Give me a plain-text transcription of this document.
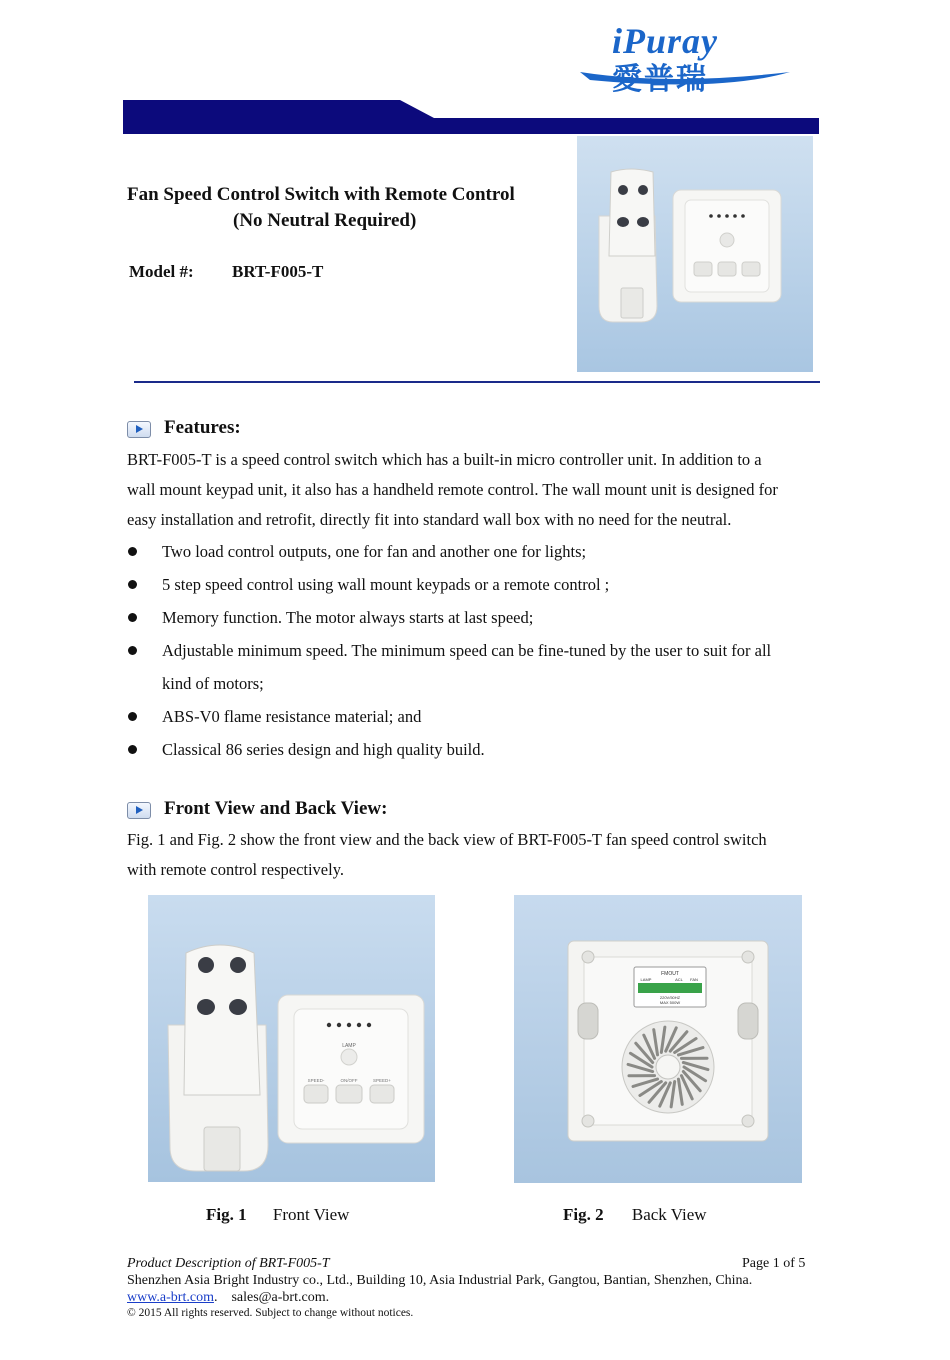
iPuray
愛普瑞
Fan Speed Control Switch with Remote Control
(No Neutral Required)
Model #: BRT-F005-T
Features:
BRT-F005-T is a speed control switch which has a built-in micro controller unit. In addition to a
wall mount keypad unit, it also has a handheld remote control. The wall mount unit is designed for
easy installation and retrofit, directly fit into standard wall box with no need for the neutral.
Two load control outputs, one for fan and another one for lights;
5 step speed control using wall mount keypads or a remote control ;
Memory function. The motor always starts at last speed;
Adjustable minimum speed. The minimum speed can be fine-tuned by the user to suit for all
kind of motors;
ABS-V0 flame resistance material; and
Classical 86 series design and high quality build.
Front View and Back View:
Fig. 1 and Fig. 2 show the front view and the back view of BRT-F005-T fan speed control switch
with remote control respectively.
LAMP
SPEED-	ON/OFF	SPEED+
FMOUT
LAMP	ACL FAN
220V/50HZ
MAX 500W
Fig. 1 Front View	Fig. 2 Back View
Product Description of BRT-F005-T	Page 1 of 5
Shenzhen Asia Bright Industry co., Ltd., Building 10, Asia Industrial Park, Gangtou, Bantian, Shenzhen, China.
www.a-brt.com.    sales@a-brt.com.
© 2015 All rights reserved. Subject to change without notices.
